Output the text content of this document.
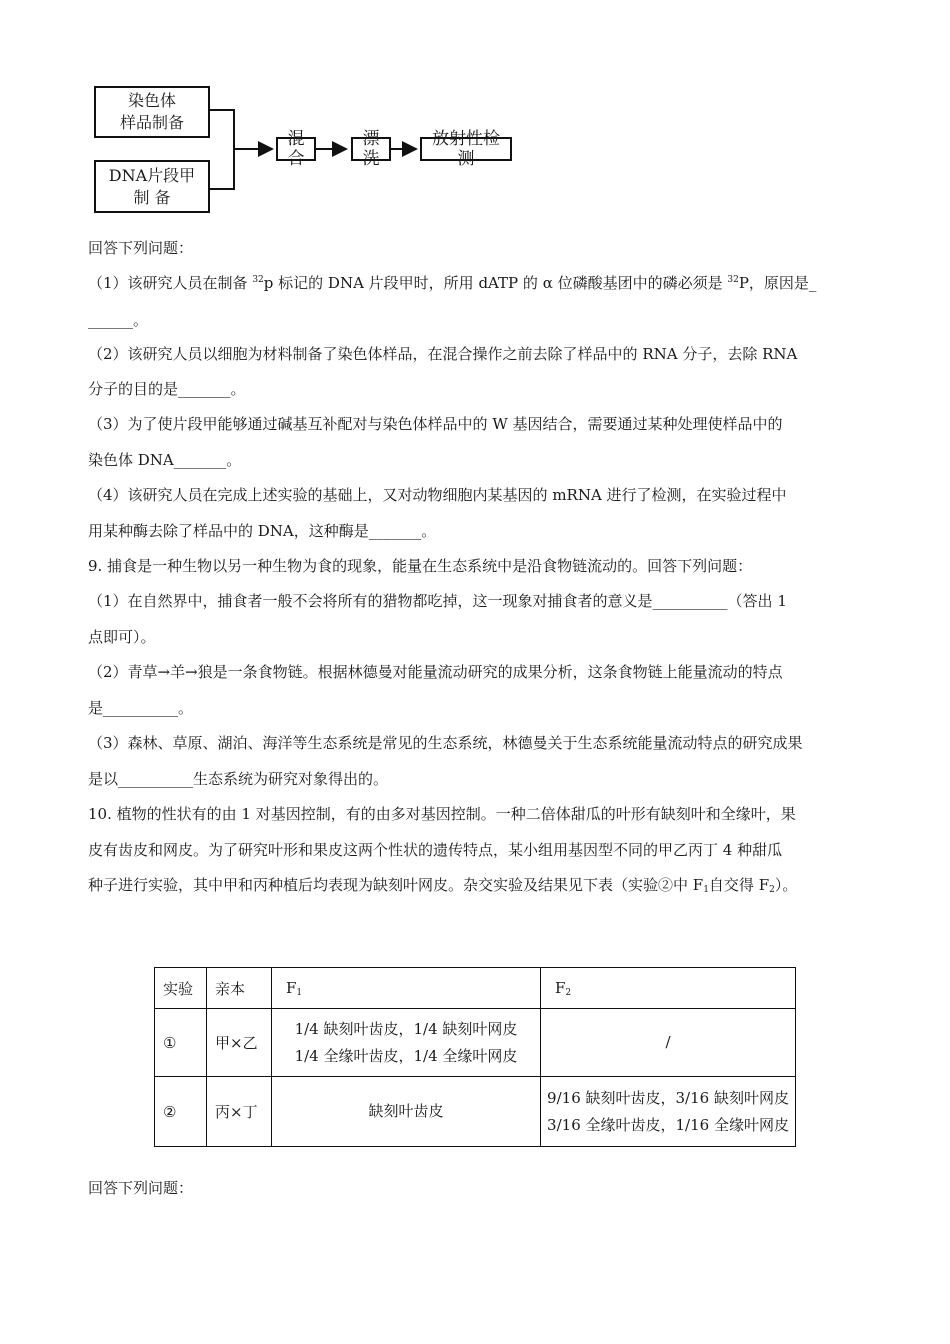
染色体
样品制备
DNA片段甲
制 备
混合
漂洗
放射性检测
回答下列问题：
（1）该研究人员在制备 $^{32}$p 标记的 DNA 片段甲时，所用 dATP 的 α 位磷酸基团中的磷必须是 $^{32}$P，原因是_
______。
（2）该研究人员以细胞为材料制备了染色体样品，在混合操作之前去除了样品中的 RNA 分子，去除 RNA
分子的目的是_______。
（3）为了使片段甲能够通过碱基互补配对与染色体样品中的 W 基因结合，需要通过某种处理使样品中的
染色体 DNA_______。
（4）该研究人员在完成上述实验的基础上，又对动物细胞内某基因的 mRNA 进行了检测，在实验过程中
用某种酶去除了样品中的 DNA，这种酶是_______。
9. 捕食是一种生物以另一种生物为食的现象，能量在生态系统中是沿食物链流动的。回答下列问题：
（1）在自然界中，捕食者一般不会将所有的猎物都吃掉，这一现象对捕食者的意义是__________（答出 1
点即可）。
（2）青草→羊→狼是一条食物链。根据林德曼对能量流动研究的成果分析，这条食物链上能量流动的特点
是__________。
（3）森林、草原、湖泊、海洋等生态系统是常见的生态系统，林德曼关于生态系统能量流动特点的研究成果
是以__________生态系统为研究对象得出的。
10. 植物的性状有的由 1 对基因控制，有的由多对基因控制。一种二倍体甜瓜的叶形有缺刻叶和全缘叶，果
皮有齿皮和网皮。为了研究叶形和果皮这两个性状的遗传特点，某小组用基因型不同的甲乙丙丁 4 种甜瓜
种子进行实验，其中甲和丙种植后均表现为缺刻叶网皮。杂交实验及结果见下表（实验②中 $F_1$自交得 $F_2$）。
实验	亲本	$F_1$	$F_2$
①	甲×乙	1/4 缺刻叶齿皮，1/4 缺刻叶网皮
1/4 全缘叶齿皮，1/4 全缘叶网皮	/

②	丙×丁	缺刻叶齿皮	9/16 缺刻叶齿皮，3/16 缺刻叶网皮
3/16 全缘叶齿皮，1/16 全缘叶网皮
回答下列问题：
